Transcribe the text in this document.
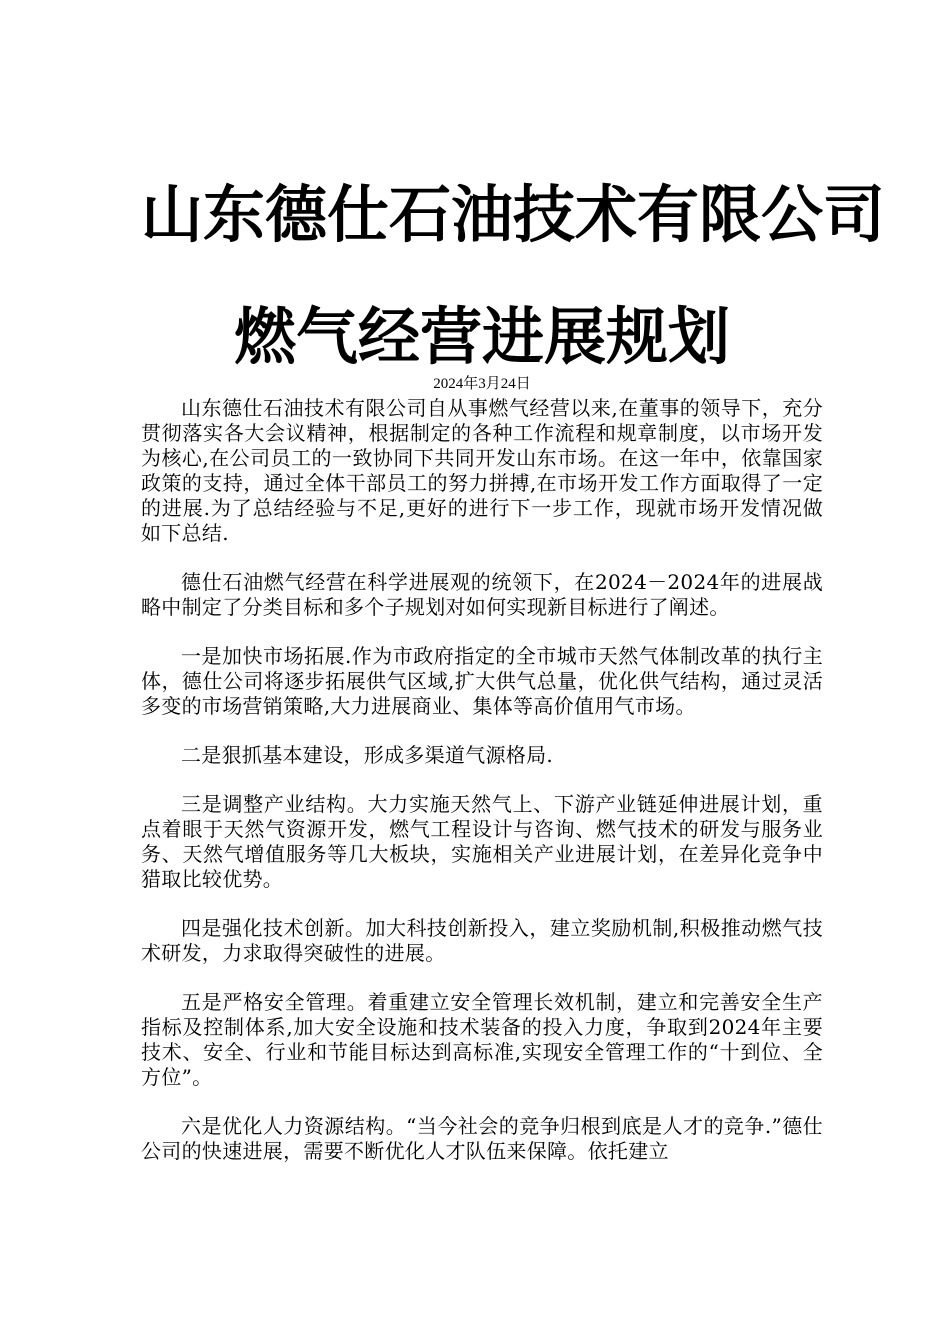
山东德仕石油技术有限公司
燃气经营进展规划
2024年3月24日

山东德仕石油技术有限公司自从事燃气经营以来,在董事的领导下，充分贯彻落实各大会议精神，根据制定的各种工作流程和规章制度，以市场开发为核心,在公司员工的一致协同下共同开发山东市场。在这一年中，依靠国家政策的支持，通过全体干部员工的努力拼搏,在市场开发工作方面取得了一定的进展.为了总结经验与不足,更好的进行下一步工作，现就市场开发情况做如下总结.

德仕石油燃气经营在科学进展观的统领下，在2024－2024年的进展战略中制定了分类目标和多个子规划对如何实现新目标进行了阐述。

一是加快市场拓展.作为市政府指定的全市城市天然气体制改革的执行主体，德仕公司将逐步拓展供气区域,扩大供气总量，优化供气结构，通过灵活多变的市场营销策略,大力进展商业、集体等高价值用气市场。

二是狠抓基本建设，形成多渠道气源格局.

三是调整产业结构。大力实施天然气上、下游产业链延伸进展计划，重点着眼于天然气资源开发，燃气工程设计与咨询、燃气技术的研发与服务业务、天然气增值服务等几大板块，实施相关产业进展计划，在差异化竞争中猎取比较优势。

四是强化技术创新。加大科技创新投入，建立奖励机制,积极推动燃气技术研发，力求取得突破性的进展。

五是严格安全管理。着重建立安全管理长效机制，建立和完善安全生产指标及控制体系,加大安全设施和技术装备的投入力度，争取到2024年主要技术、安全、行业和节能目标达到高标准,实现安全管理工作的“十到位、全方位”。

六是优化人力资源结构。“当今社会的竞争归根到底是人才的竞争.”德仕公司的快速进展，需要不断优化人才队伍来保障。依托建立
